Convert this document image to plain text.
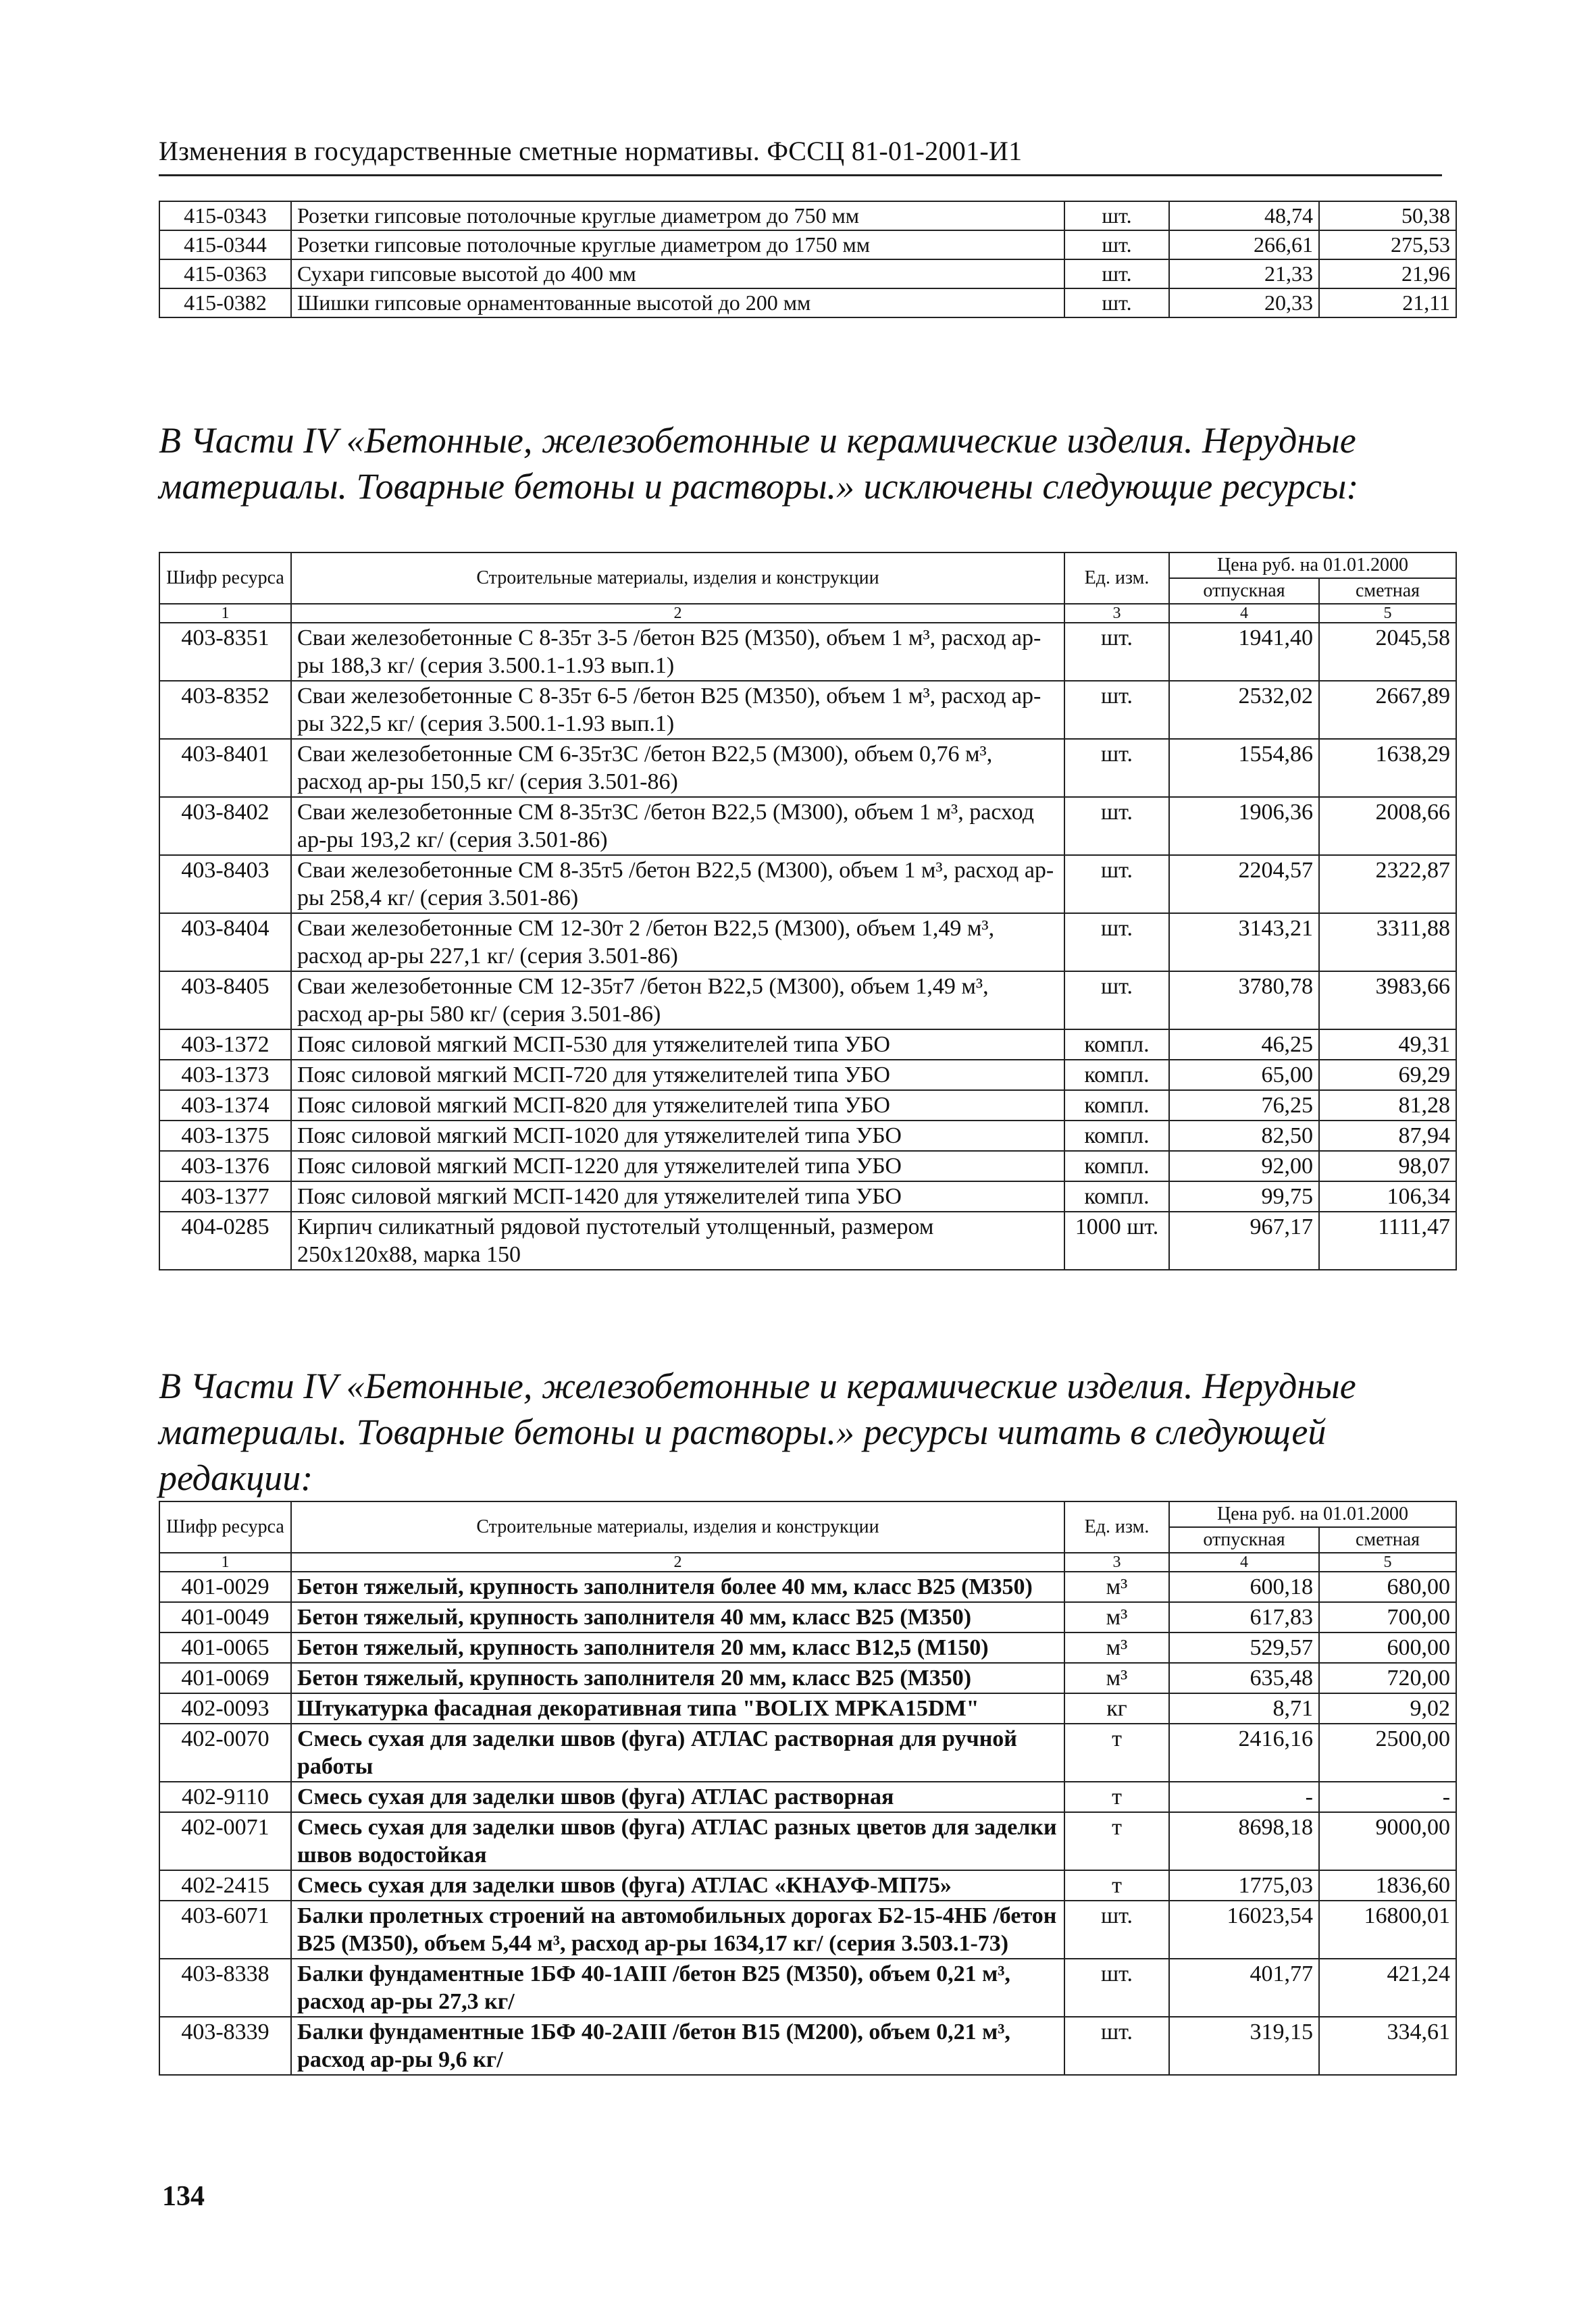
Изменения в государственные сметные нормативы. ФССЦ 81-01-2001-И1
415-0343	Розетки гипсовые потолочные круглые диаметром до 750 мм	шт.	48,74	50,38
415-0344	Розетки гипсовые потолочные круглые диаметром до 1750 мм	шт.	266,61	275,53
415-0363	Сухари гипсовые высотой до 400 мм	шт.	21,33	21,96
415-0382	Шишки гипсовые орнаментованные высотой до 200 мм	шт.	20,33	21,11
В Части IV «Бетонные, железобетонные и керамические изделия. Нерудные материалы. Товарные бетоны и растворы.» исключены следующие ресурсы:
Шифр ресурса	Строительные материалы, изделия и конструкции	Ед. изм.	Цена руб. на 01.01.2000	
			отпускная	сметная
1	2	3	4	5
403-8351	Сваи железобетонные С 8-35т 3-5 /бетон В25 (М350), объем 1 м³, расход ар-ры 188,3 кг/ (серия 3.500.1-1.93 вып.1)	шт.	1941,40	2045,58
403-8352	Сваи железобетонные С 8-35т 6-5 /бетон В25 (М350), объем 1 м³, расход ар-ры 322,5 кг/ (серия 3.500.1-1.93 вып.1)	шт.	2532,02	2667,89
403-8401	Сваи железобетонные СМ 6-35т3С /бетон В22,5 (М300), объем 0,76 м³, расход ар-ры 150,5 кг/ (серия 3.501-86)	шт.	1554,86	1638,29
403-8402	Сваи железобетонные СМ 8-35т3С /бетон В22,5 (М300), объем 1 м³, расход ар-ры 193,2 кг/ (серия 3.501-86)	шт.	1906,36	2008,66
403-8403	Сваи железобетонные СМ 8-35т5 /бетон В22,5 (М300), объем 1 м³, расход ар-ры 258,4 кг/ (серия 3.501-86)	шт.	2204,57	2322,87
403-8404	Сваи железобетонные СМ 12-30т 2 /бетон В22,5 (М300), объем 1,49 м³, расход ар-ры 227,1 кг/ (серия 3.501-86)	шт.	3143,21	3311,88
403-8405	Сваи железобетонные СМ 12-35т7 /бетон В22,5 (М300), объем 1,49 м³, расход ар-ры 580 кг/ (серия 3.501-86)	шт.	3780,78	3983,66
403-1372	Пояс силовой мягкий МСП-530 для утяжелителей типа УБО	компл.	46,25	49,31
403-1373	Пояс силовой мягкий МСП-720 для утяжелителей типа УБО	компл.	65,00	69,29
403-1374	Пояс силовой мягкий МСП-820 для утяжелителей типа УБО	компл.	76,25	81,28
403-1375	Пояс силовой мягкий МСП-1020 для утяжелителей типа УБО	компл.	82,50	87,94
403-1376	Пояс силовой мягкий МСП-1220 для утяжелителей типа УБО	компл.	92,00	98,07
403-1377	Пояс силовой мягкий МСП-1420 для утяжелителей типа УБО	компл.	99,75	106,34
404-0285	Кирпич силикатный рядовой пустотелый утолщенный, размером 250х120х88, марка 150	1000 шт.	967,17	1111,47
В Части IV «Бетонные, железобетонные и керамические изделия. Нерудные материалы. Товарные бетоны и растворы.» ресурсы читать в следующей редакции:
Шифр ресурса	Строительные материалы, изделия и конструкции	Ед. изм.	Цена руб. на 01.01.2000	
			отпускная	сметная
1	2	3	4	5
401-0029	Бетон тяжелый, крупность заполнителя более 40 мм, класс В25 (М350)	м³	600,18	680,00
401-0049	Бетон тяжелый, крупность заполнителя 40 мм, класс В25 (М350)	м³	617,83	700,00
401-0065	Бетон тяжелый, крупность заполнителя 20 мм, класс В12,5 (М150)	м³	529,57	600,00
401-0069	Бетон тяжелый, крупность заполнителя 20 мм, класс В25 (М350)	м³	635,48	720,00
402-0093	Штукатурка фасадная декоративная типа "BOLIX MPKA15DM"	кг	8,71	9,02
402-0070	Смесь сухая для заделки швов (фуга) АТЛАС растворная для ручной работы	т	2416,16	2500,00
402-9110	Смесь сухая для заделки швов (фуга) АТЛАС растворная	т	-	-
402-0071	Смесь сухая для заделки швов (фуга) АТЛАС разных цветов для заделки швов водостойкая	т	8698,18	9000,00
402-2415	Смесь сухая для заделки швов (фуга) АТЛАС «КНАУФ-МП75»	т	1775,03	1836,60
403-6071	Балки пролетных строений на автомобильных дорогах Б2-15-4НБ /бетон В25 (М350), объем 5,44 м³, расход ар-ры 1634,17 кг/ (серия 3.503.1-73)	шт.	16023,54	16800,01
403-8338	Балки фундаментные 1БФ 40-1АIII /бетон В25 (М350), объем 0,21 м³, расход ар-ры 27,3 кг/	шт.	401,77	421,24
403-8339	Балки фундаментные 1БФ 40-2АIII /бетон В15 (М200), объем 0,21 м³, расход ар-ры 9,6 кг/	шт.	319,15	334,61
134
